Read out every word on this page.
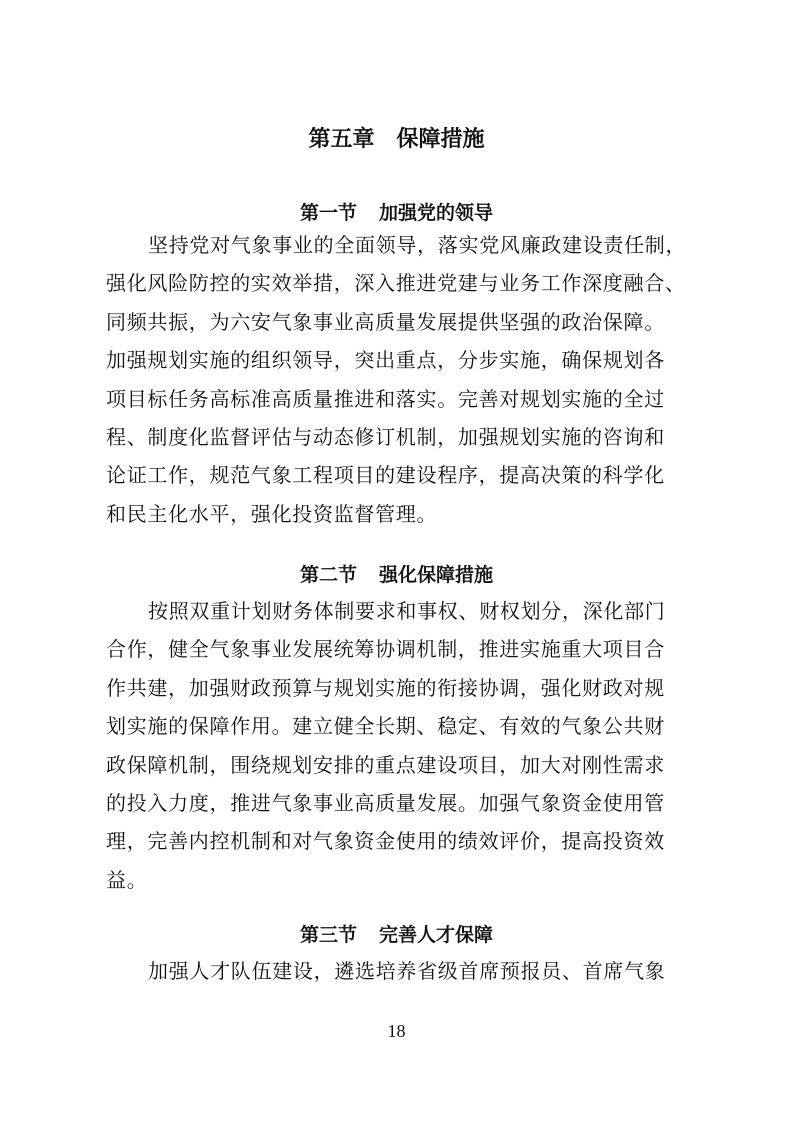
第五章 保障措施
第一节 加强党的领导
坚持党对气象事业的全面领导，落实党风廉政建设责任制，
强化风险防控的实效举措，深入推进党建与业务工作深度融合、
同频共振，为六安气象事业高质量发展提供坚强的政治保障。
加强规划实施的组织领导，突出重点，分步实施，确保规划各
项目标任务高标准高质量推进和落实。完善对规划实施的全过
程、制度化监督评估与动态修订机制，加强规划实施的咨询和
论证工作，规范气象工程项目的建设程序，提高决策的科学化
和民主化水平，强化投资监督管理。
第二节 强化保障措施
按照双重计划财务体制要求和事权、财权划分，深化部门
合作，健全气象事业发展统筹协调机制，推进实施重大项目合
作共建，加强财政预算与规划实施的衔接协调，强化财政对规
划实施的保障作用。建立健全长期、稳定、有效的气象公共财
政保障机制，围绕规划安排的重点建设项目，加大对刚性需求
的投入力度，推进气象事业高质量发展。加强气象资金使用管
理，完善内控机制和对气象资金使用的绩效评价，提高投资效
益。
第三节 完善人才保障
加强人才队伍建设，遴选培养省级首席预报员、首席气象
18
